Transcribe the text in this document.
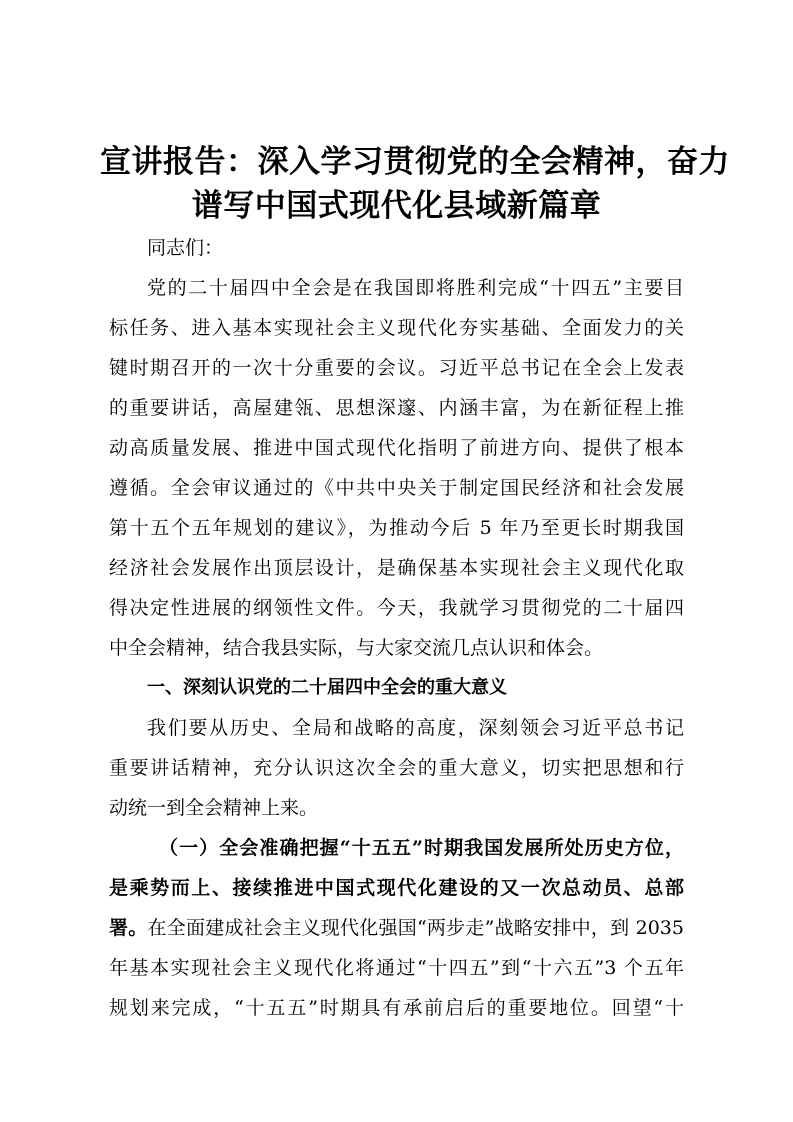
宣讲报告：深入学习贯彻党的全会精神，奋力
谱写中国式现代化县域新篇章

同志们：

党的二十届四中全会是在我国即将胜利完成“十四五”主要目
标任务、进入基本实现社会主义现代化夯实基础、全面发力的关
键时期召开的一次十分重要的会议。习近平总书记在全会上发表
的重要讲话，高屋建瓴、思想深邃、内涵丰富，为在新征程上推
动高质量发展、推进中国式现代化指明了前进方向、提供了根本
遵循。全会审议通过的《中共中央关于制定国民经济和社会发展
第十五个五年规划的建议》，为推动今后 5 年乃至更长时期我国
经济社会发展作出顶层设计，是确保基本实现社会主义现代化取
得决定性进展的纲领性文件。今天，我就学习贯彻党的二十届四
中全会精神，结合我县实际，与大家交流几点认识和体会。

一、深刻认识党的二十届四中全会的重大意义

我们要从历史、全局和战略的高度，深刻领会习近平总书记
重要讲话精神，充分认识这次全会的重大意义，切实把思想和行
动统一到全会精神上来。

（一）全会准确把握“十五五”时期我国发展所处历史方位，
是乘势而上、接续推进中国式现代化建设的又一次总动员、总部
署。在全面建成社会主义现代化强国“两步走”战略安排中，到 2035
年基本实现社会主义现代化将通过“十四五”到“十六五”3 个五年
规划来完成，“十五五”时期具有承前启后的重要地位。回望“十
